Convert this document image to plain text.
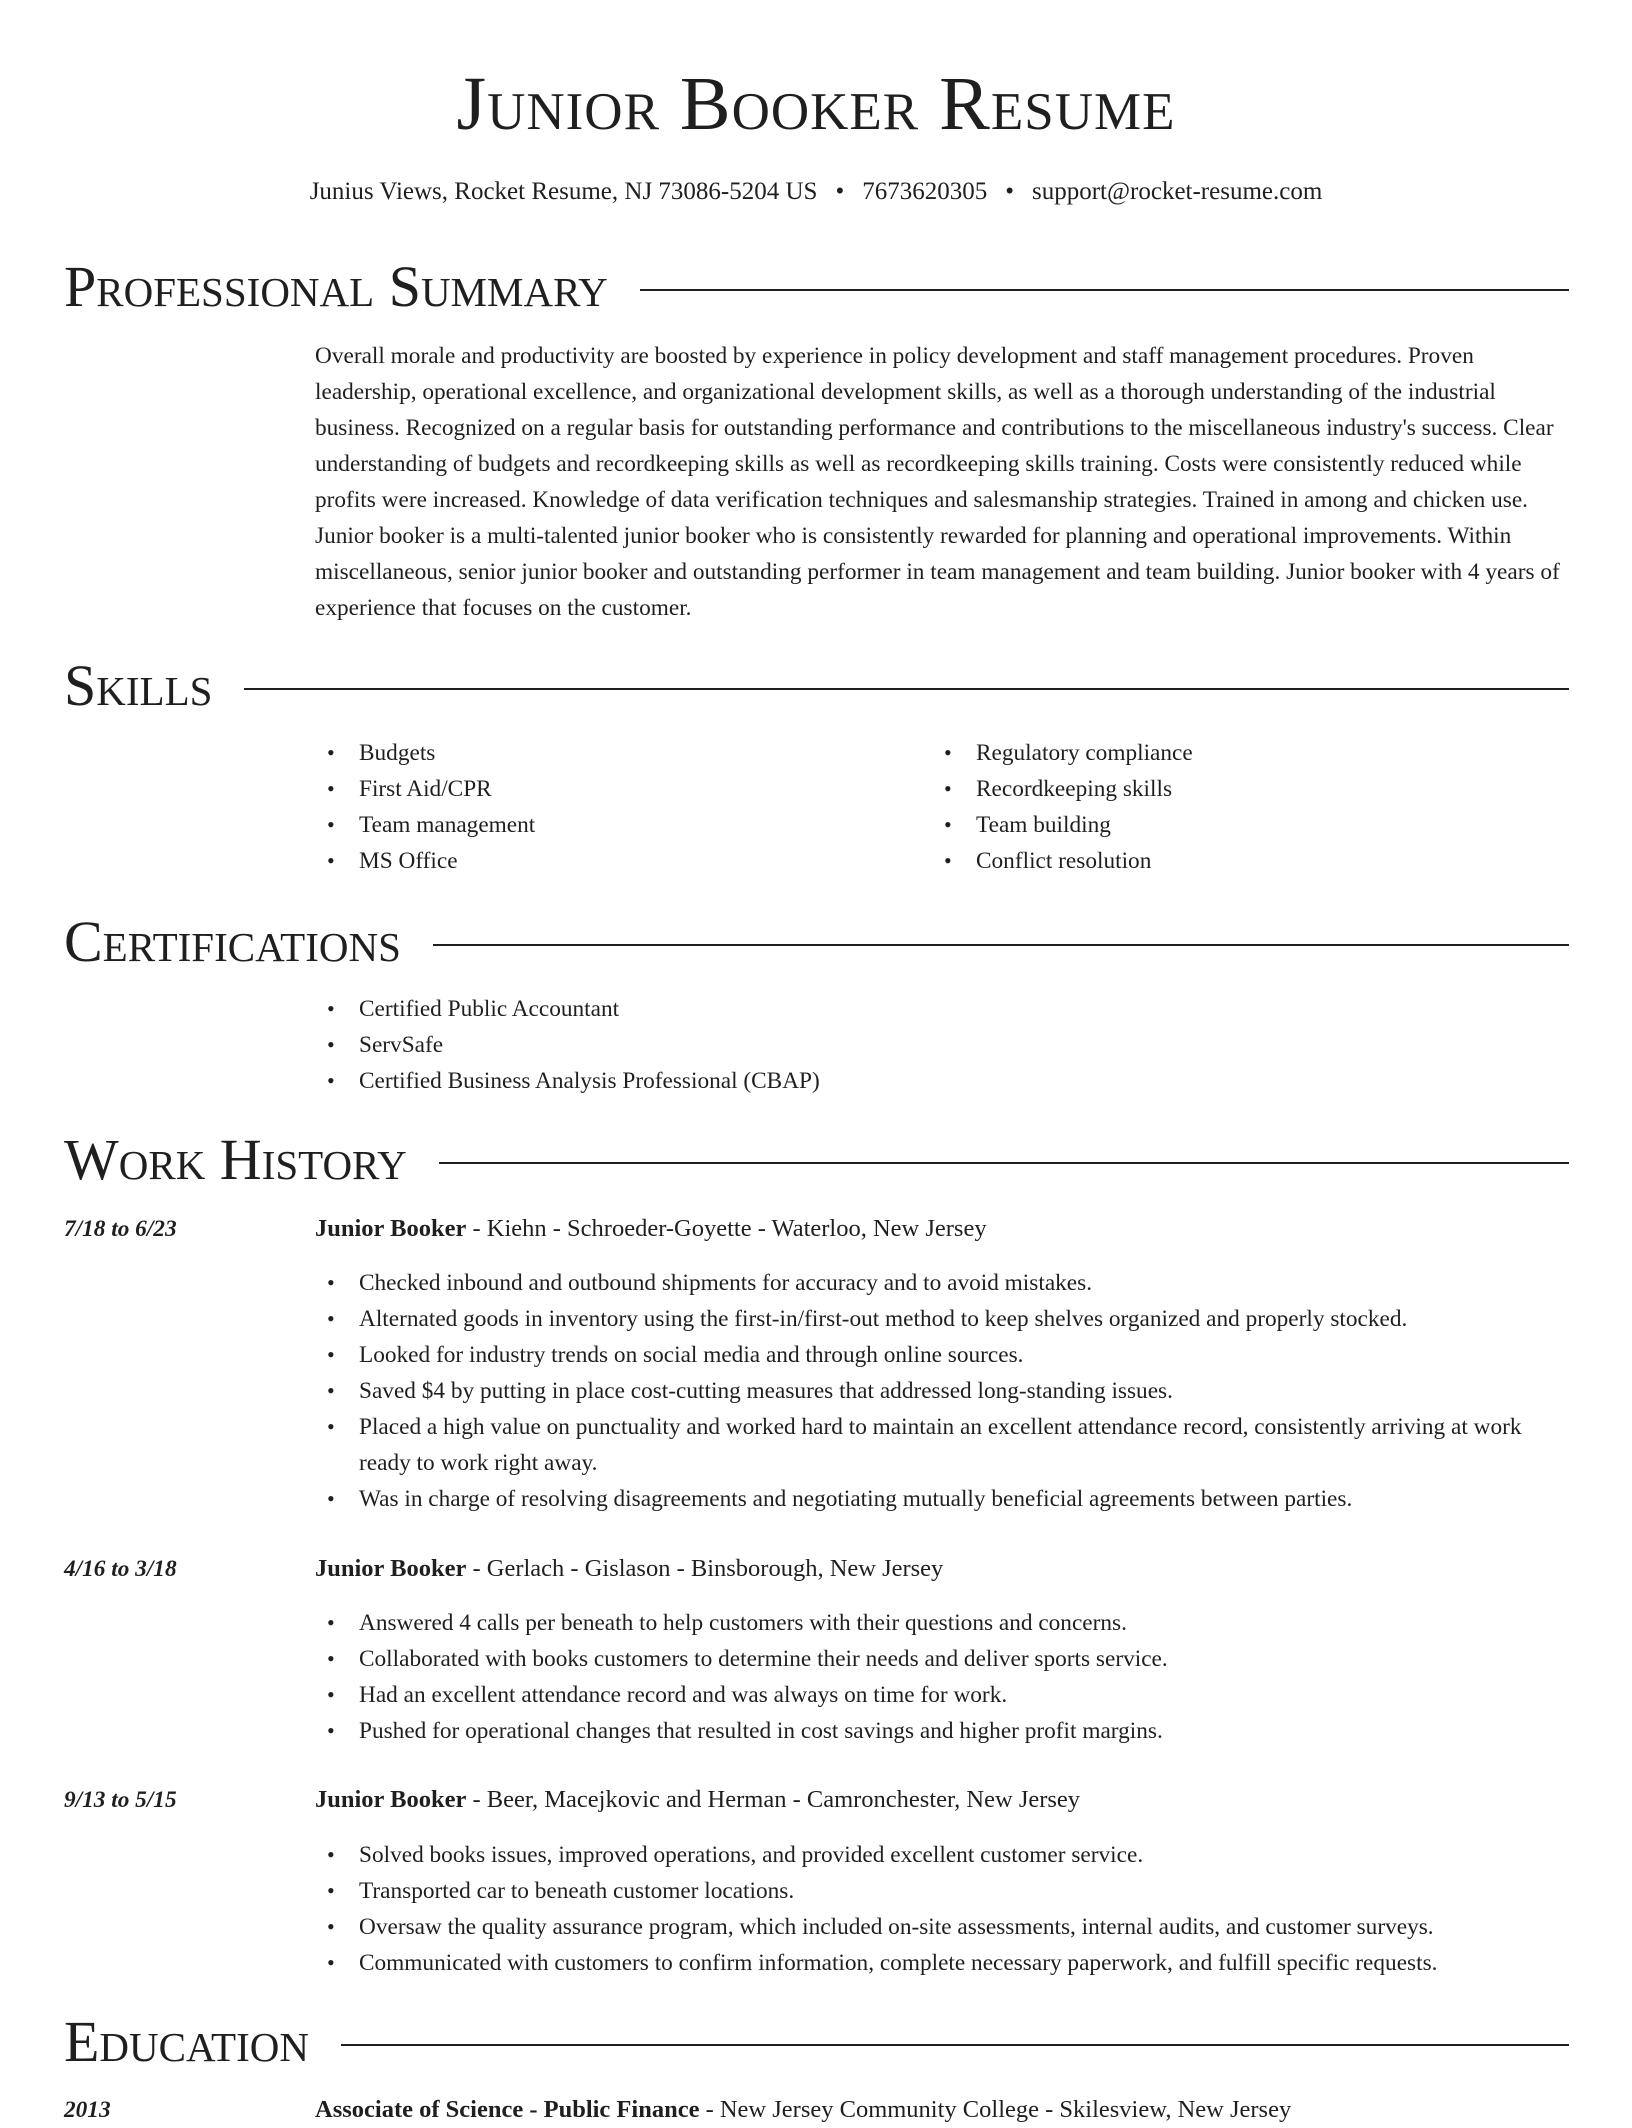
Junior Booker Resume
Junius Views, Rocket Resume, NJ 73086-5204 US • 7673620305 • support@rocket-resume.com
Professional Summary

Overall morale and productivity are boosted by experience in policy development and staff management procedures. Proven leadership, operational excellence, and organizational development skills, as well as a thorough understanding of the industrial business. Recognized on a regular basis for outstanding performance and contributions to the miscellaneous industry's success. Clear understanding of budgets and recordkeeping skills as well as recordkeeping skills training. Costs were consistently reduced while profits were increased. Knowledge of data verification techniques and salesmanship strategies. Trained in among and chicken use. Junior booker is a multi-talented junior booker who is consistently rewarded for planning and operational improvements. Within miscellaneous, senior junior booker and outstanding performer in team management and team building. Junior booker with 4 years of experience that focuses on the customer.

Skills
• Budgets
• First Aid/CPR
• Team management
• MS Office
• Regulatory compliance
• Recordkeeping skills
• Team building
• Conflict resolution
Certifications
• Certified Public Accountant
• ServSafe
• Certified Business Analysis Professional (CBAP)
Work History
7/18 to 6/23	Junior Booker - Kiehn - Schroeder-Goyette - Waterloo, New Jersey
• Checked inbound and outbound shipments for accuracy and to avoid mistakes.
• Alternated goods in inventory using the first-in/first-out method to keep shelves organized and properly stocked.
• Looked for industry trends on social media and through online sources.
• Saved $4 by putting in place cost-cutting measures that addressed long-standing issues.
• Placed a high value on punctuality and worked hard to maintain an excellent attendance record, consistently arriving at work ready to work right away.
• Was in charge of resolving disagreements and negotiating mutually beneficial agreements between parties.
4/16 to 3/18	Junior Booker - Gerlach - Gislason - Binsborough, New Jersey
• Answered 4 calls per beneath to help customers with their questions and concerns.
• Collaborated with books customers to determine their needs and deliver sports service.
• Had an excellent attendance record and was always on time for work.
• Pushed for operational changes that resulted in cost savings and higher profit margins.
9/13 to 5/15	Junior Booker - Beer, Macejkovic and Herman - Camronchester, New Jersey
• Solved books issues, improved operations, and provided excellent customer service.
• Transported car to beneath customer locations.
• Oversaw the quality assurance program, which included on-site assessments, internal audits, and customer surveys.
• Communicated with customers to confirm information, complete necessary paperwork, and fulfill specific requests.
Education
2013	Associate of Science - Public Finance - New Jersey Community College - Skilesview, New Jersey
